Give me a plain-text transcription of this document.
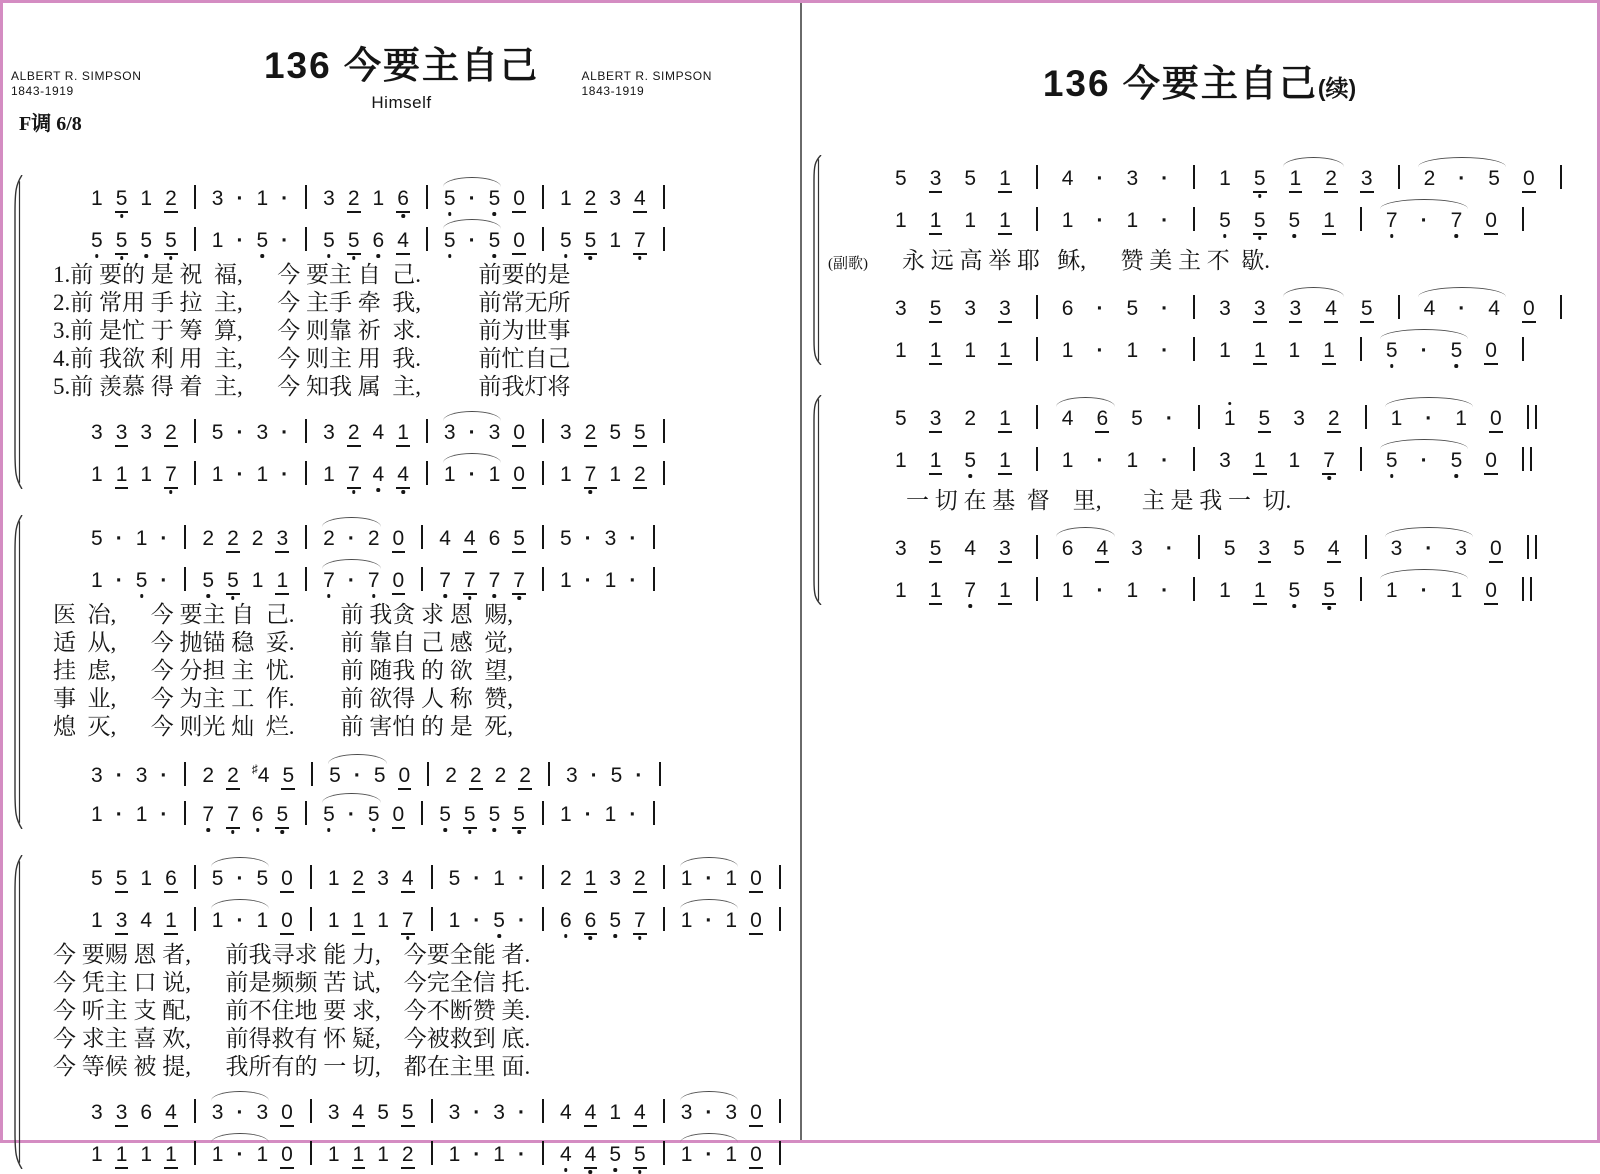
ALBERT R. SIMPSON
1843-1919
136 今要主自己
Himself
ALBERT R. SIMPSON
1843-1919
F调 6/8
1 5 1 2 3 · 1 · 3 2 1 6 5 · 5 0 1 2 3 4
5 5 5 5 1 · 5 · 5 5 6 4 5 · 5 0 5 5 1 7
1.前 要的 是 祝  福,      今 要主 自  己.          前要的是
2.前 常用 手 拉  主,      今 主手 牵  我,          前常无所
3.前 是忙 于 筹  算,      今 则靠 祈  求.          前为世事
4.前 我欲 利 用  主,      今 则主 用  我.          前忙自己
5.前 羡慕 得 着  主,      今 知我 属  主,          前我灯将
3 3 3 2 5 · 3 · 3 2 4 1 3 · 3 0 3 2 5 5
1 1 1 7 1 · 1 · 1 7 4 4 1 · 1 0 1 7 1 2
5 · 1 · 2 2 2 3 2 · 2 0 4 4 6 5 5 · 3 ·
1 · 5 · 5 5 1 1 7 · 7 0 7 7 7 7 1 · 1 ·
医  冶,      今 要主 自  己.        前 我贪 求 恩  赐,
适  从,      今 抛锚 稳  妥.        前 靠自 己 感  觉,
挂  虑,      今 分担 主  忧.        前 随我 的 欲  望,
事  业,      今 为主 工  作.        前 欲得 人 称  赞,
熄  灭,      今 则光 灿  烂.        前 害怕 的 是  死,
3 · 3 · 2 2 ♯4 5 5 · 5 0 2 2 2 2 3 · 5 ·
1 · 1 · 7 7 6 5 5 · 5 0 5 5 5 5 1 · 1 ·
5 5 1 6 5 · 5 0 1 2 3 4 5 · 1 · 2 1 3 2 1 · 1 0
1 3 4 1 1 · 1 0 1 1 1 7 1 · 5 · 6 6 5 7 1 · 1 0
今 要赐 恩 者,      前我寻求 能 力,    今要全能 者.
今 凭主 口 说,      前是频频 苦 试,    今完全信 托.
今 听主 支 配,      前不住地 要 求,    今不断赞 美.
今 求主 喜 欢,      前得救有 怀 疑,    今被救到 底.
今 等候 被 提,      我所有的 一 切,    都在主里 面.
3 3 6 4 3 · 3 0 3 4 5 5 3 · 3 · 4 4 1 4 3 · 3 0
1 1 1 1 1 · 1 0 1 1 1 2 1 · 1 · 4 4 5 5 1 · 1 0
136 今要主自己(续)
5 3 5 1 4 · 3 · 1 5 1 2 3 2 · 5 0
1 1 1 1 1 · 1 · 5 5 5 1 7 · 7 0
(副歌)	永 远 高 举 耶   稣,      赞 美 主 不  歇.
3 5 3 3 6 · 5 · 3 3 3 4 5 4 · 4 0
1 1 1 1 1 · 1 · 1 1 1 1 5 · 5 0
5 3 2 1 4 6 5 · 1 5 3 2 1 · 1 0
1 1 5 1 1 · 1 · 3 1 1 7 5 · 5 0
一 切 在 基  督    里,       主 是 我 一  切.
3 5 4 3 6 4 3 · 5 3 5 4 3 · 3 0
1 1 7 1 1 · 1 · 1 1 5 5 1 · 1 0
